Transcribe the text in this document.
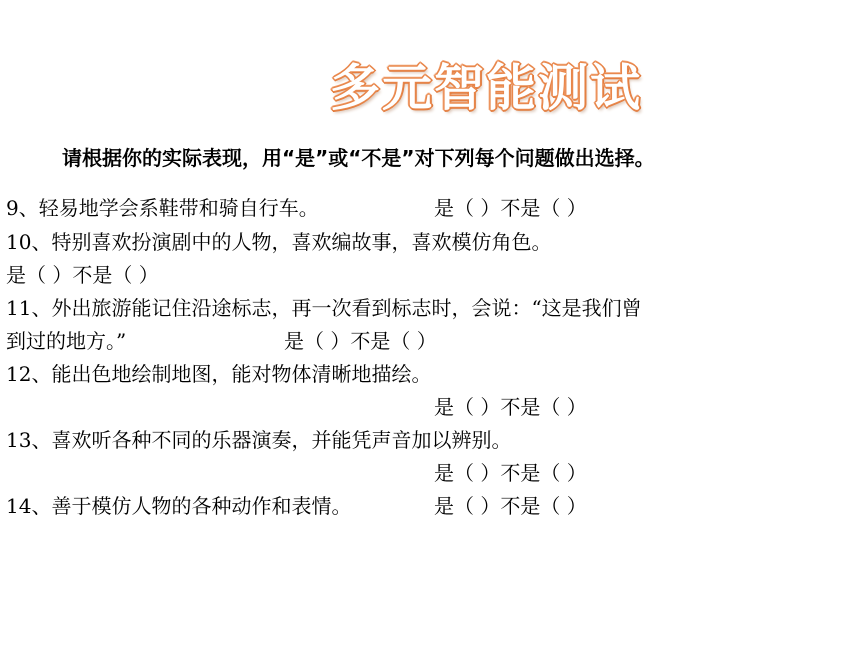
多元智能测试
请根据你的实际表现，用“是”或“不是”对下列每个问题做出选择。
9、轻易地学会系鞋带和骑自行车。	是（ ）不是（ ）
10、特别喜欢扮演剧中的人物，喜欢编故事，喜欢模仿角色。
是（ ）不是（ ）
11、外出旅游能记住沿途标志，再一次看到标志时，会说：“这是我们曾
到过的地方。”	是（ ）不是（ ）
12、能出色地绘制地图，能对物体清晰地描绘。
是（ ）不是（ ）
13、喜欢听各种不同的乐器演奏，并能凭声音加以辨别。
是（ ）不是（ ）
14、善于模仿人物的各种动作和表情。	是（ ）不是（ ）
